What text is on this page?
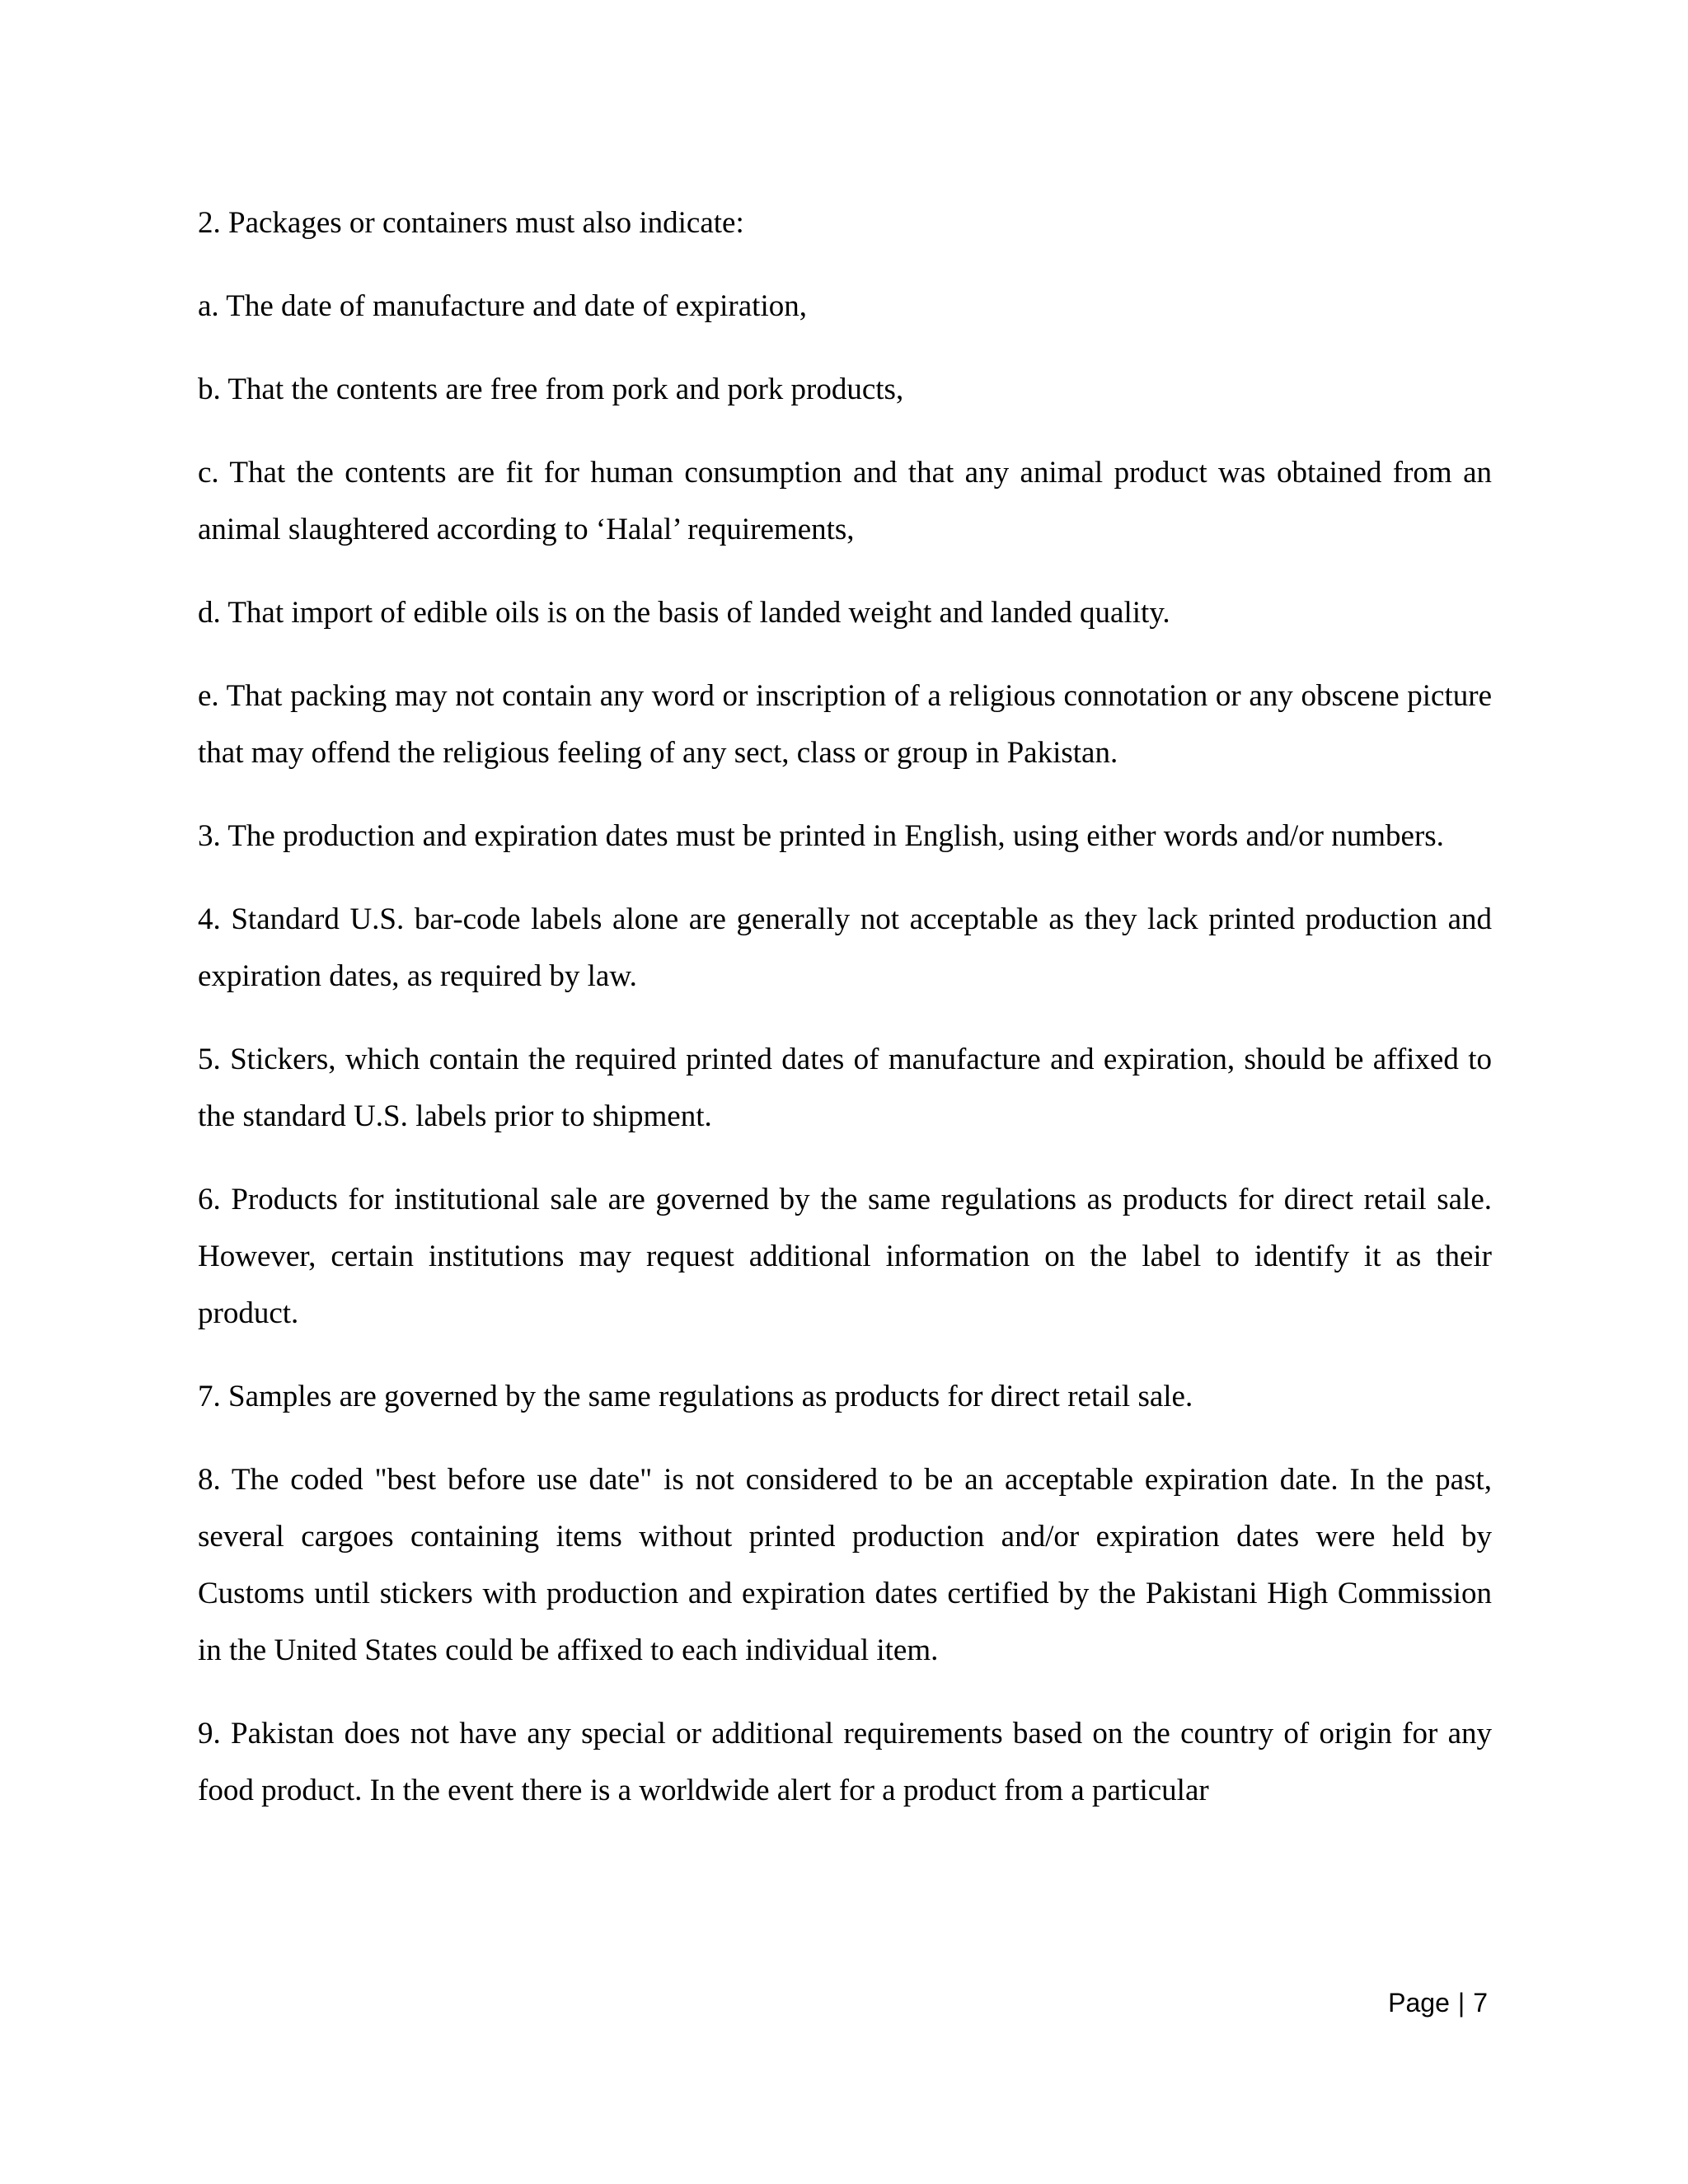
2. Packages or containers must also indicate:

a. The date of manufacture and date of expiration,

b. That the contents are free from pork and pork products,

c. That the contents are fit for human consumption and that any animal product was obtained from an animal slaughtered according to ‘Halal’ requirements,

d. That import of edible oils is on the basis of landed weight and landed quality.

e. That packing may not contain any word or inscription of a religious connotation or any obscene picture that may offend the religious feeling of any sect, class or group in Pakistan.

3. The production and expiration dates must be printed in English, using either words and/or numbers.

4. Standard U.S. bar-code labels alone are generally not acceptable as they lack printed production and expiration dates, as required by law.

5. Stickers, which contain the required printed dates of manufacture and expiration, should be affixed to the standard U.S. labels prior to shipment.

6. Products for institutional sale are governed by the same regulations as products for direct retail sale. However, certain institutions may request additional information on the label to identify it as their product.

7. Samples are governed by the same regulations as products for direct retail sale.

8. The coded "best before use date" is not considered to be an acceptable expiration date. In the past, several cargoes containing items without printed production and/or expiration dates were held by Customs until stickers with production and expiration dates certified by the Pakistani High Commission in the United States could be affixed to each individual item.

9. Pakistan does not have any special or additional requirements based on the country of origin for any food product. In the event there is a worldwide alert for a product from a particular

Page | 7
